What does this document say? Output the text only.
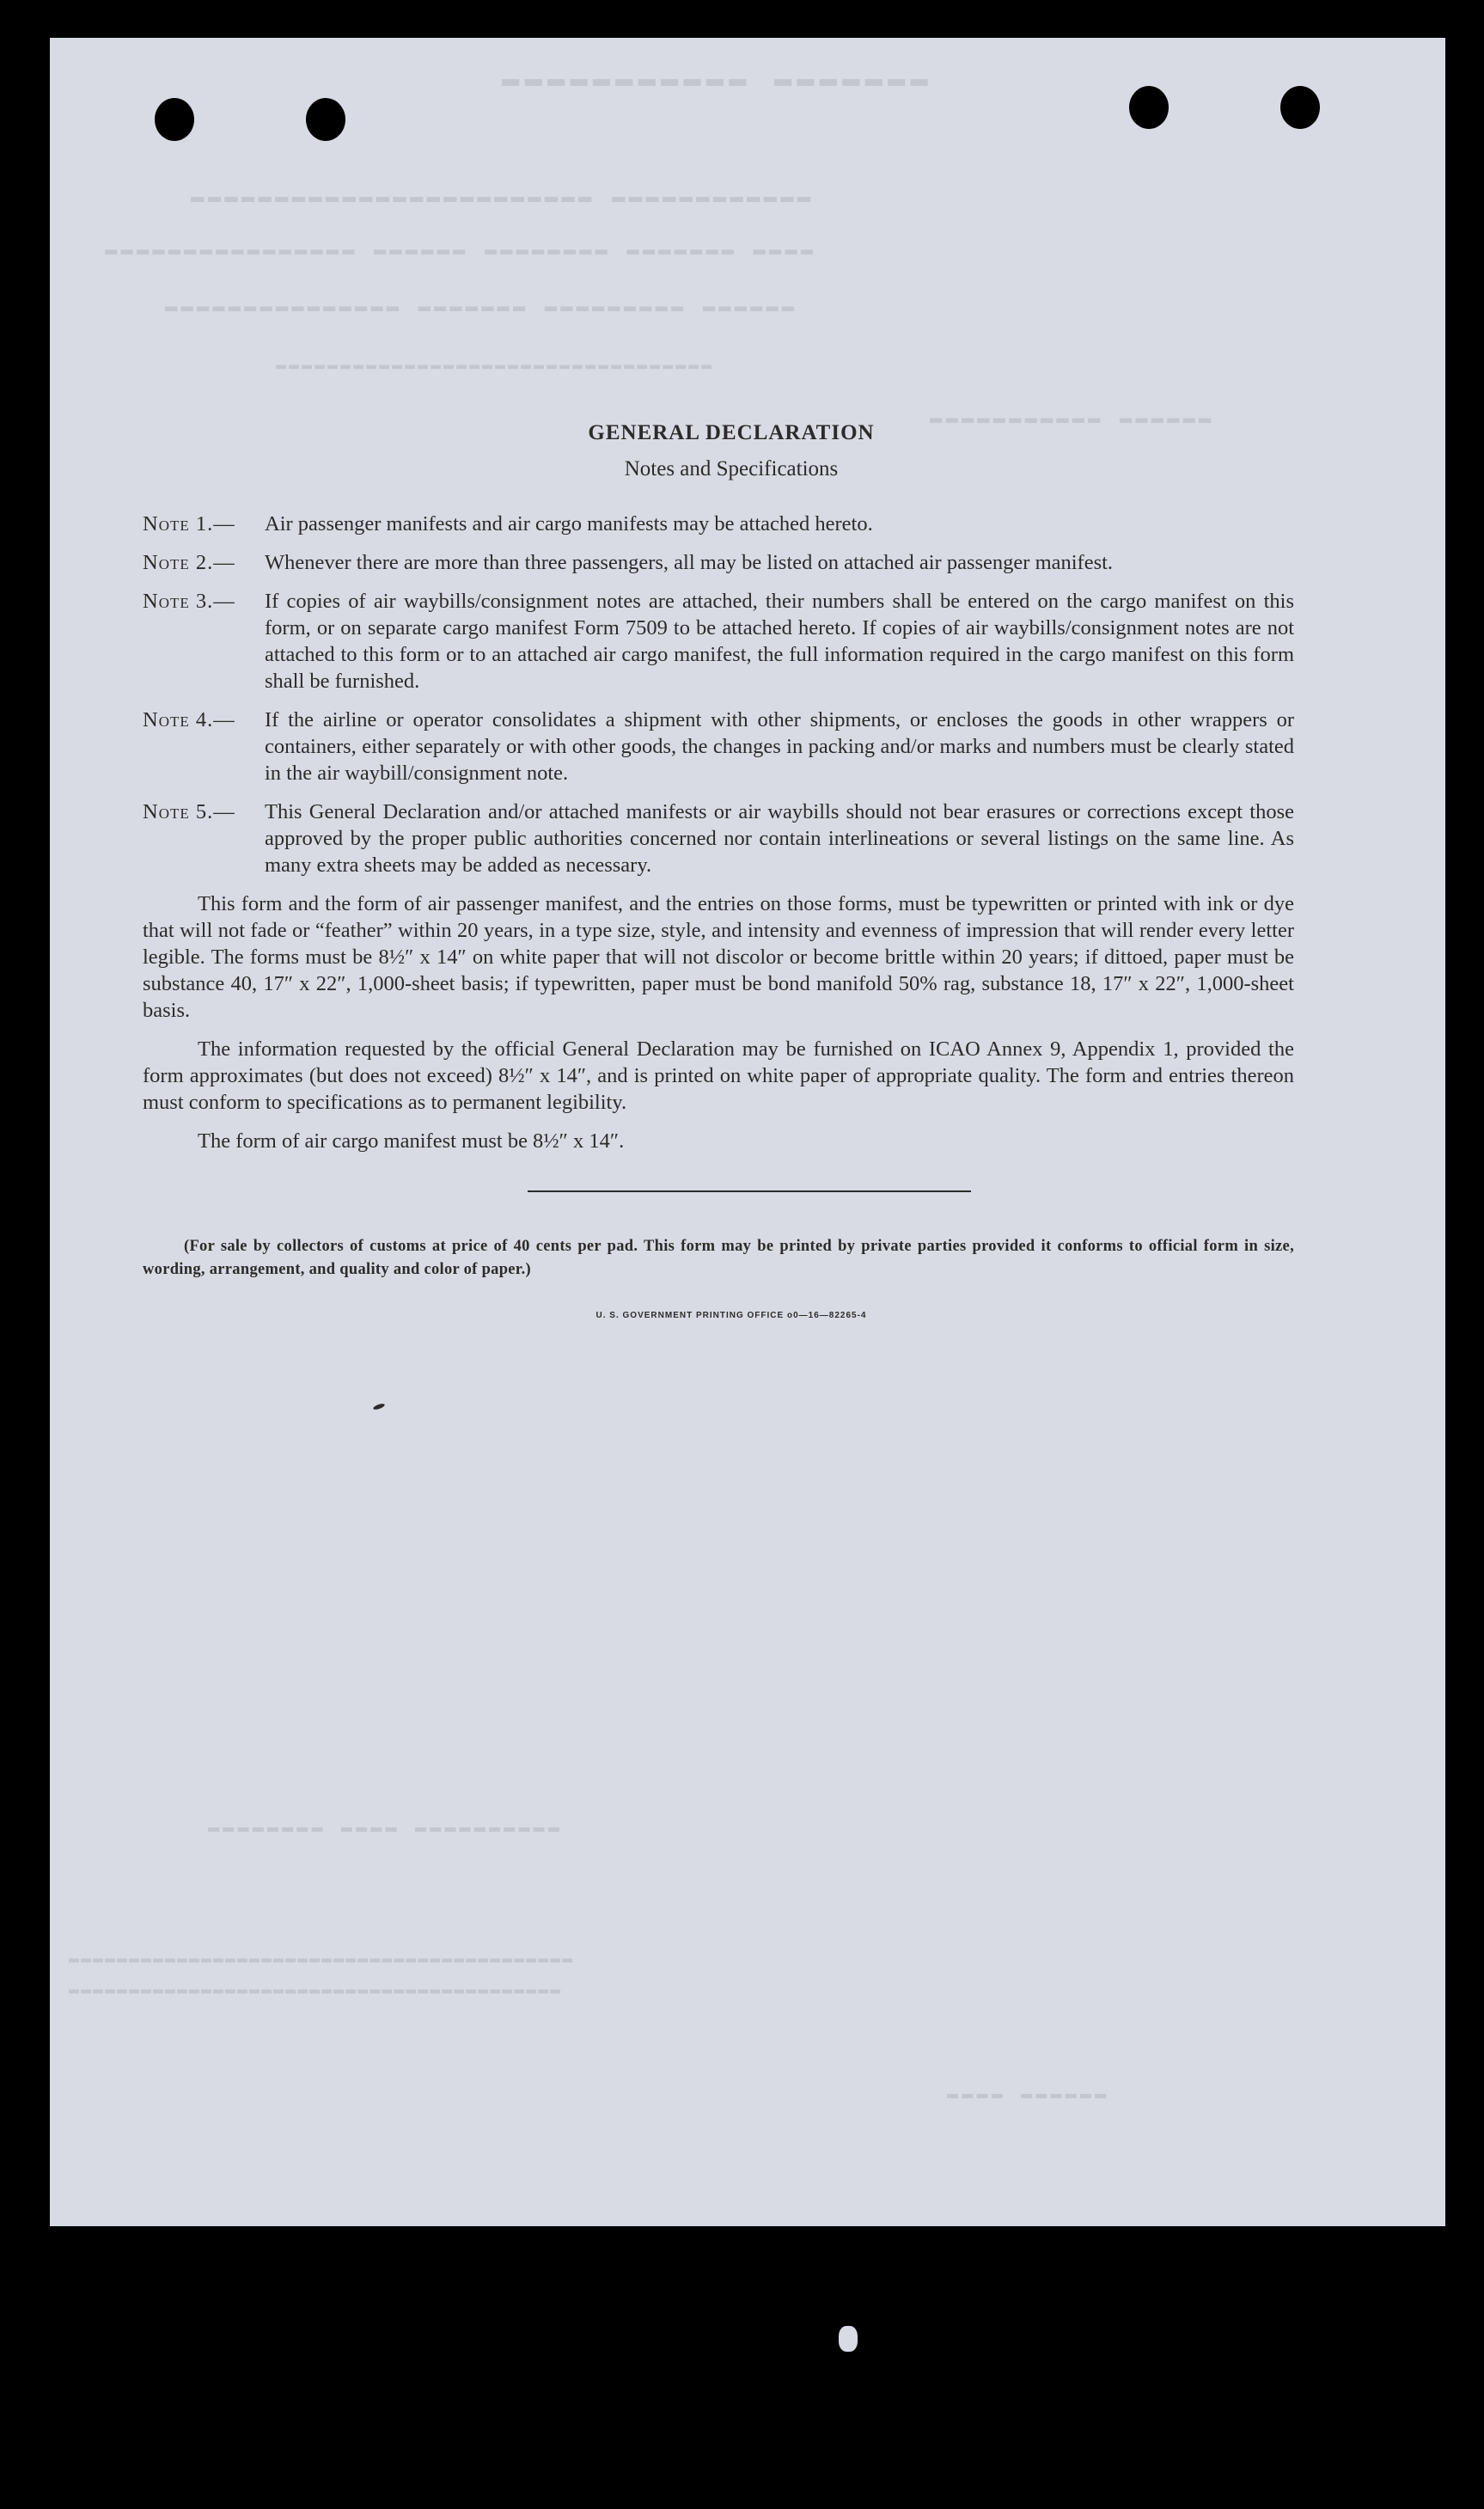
▬▬▬▬▬▬▬ ▬▬▬▬▬▬▬▬▬▬▬
▬▬▬▬▬▬▬▬▬▬▬▬ ▬▬▬▬▬▬▬▬▬▬▬▬▬▬▬▬▬▬▬▬▬▬▬▬
▬▬▬▬ ▬▬▬▬▬▬▬ ▬▬▬▬▬▬▬▬ ▬▬▬▬▬▬ ▬▬▬▬▬▬▬▬▬▬▬▬▬▬▬▬
▬▬▬▬▬▬ ▬▬▬▬▬▬▬▬▬ ▬▬▬▬▬▬▬ ▬▬▬▬▬▬▬▬▬▬▬▬▬▬▬
▬▬▬▬▬▬▬▬▬▬▬▬▬▬▬▬▬▬▬▬▬▬▬▬▬▬▬▬▬▬▬▬▬▬
▬▬▬▬▬▬ ▬▬▬▬▬▬▬▬▬▬▬
▬▬▬▬▬▬▬▬▬▬ ▬▬▬▬ ▬▬▬▬▬▬▬▬
▬▬▬▬▬▬▬▬▬▬▬▬▬▬▬▬▬▬▬▬▬▬▬▬▬▬▬▬▬▬▬▬▬▬▬▬▬▬▬▬▬▬
▬▬▬▬▬▬▬▬▬▬▬▬▬▬▬▬▬▬▬▬▬▬▬▬▬▬▬▬▬▬▬▬▬▬▬▬▬▬▬▬▬
▬▬▬▬▬▬ ▬▬▬▬
GENERAL DECLARATION
Notes and Specifications
Note 1.—	Air passenger manifests and air cargo manifests may be attached hereto.
Note 2.—	Whenever there are more than three passengers, all may be listed on attached air passenger manifest.
Note 3.—	If copies of air waybills/consignment notes are attached, their numbers shall be entered on the cargo manifest on this form, or on separate cargo manifest Form 7509 to be attached hereto. If copies of air waybills/consignment notes are not attached to this form or to an attached air cargo manifest, the full information required in the cargo manifest on this form shall be furnished.
Note 4.—	If the airline or operator consolidates a shipment with other shipments, or encloses the goods in other wrappers or containers, either separately or with other goods, the changes in packing and/or marks and numbers must be clearly stated in the air waybill/consignment note.
Note 5.—	This General Declaration and/or attached manifests or air waybills should not bear erasures or corrections except those approved by the proper public authorities concerned nor contain interlineations or several listings on the same line. As many extra sheets may be added as necessary.

This form and the form of air passenger manifest, and the entries on those forms, must be typewritten or printed with ink or dye that will not fade or “feather” within 20 years, in a type size, style, and intensity and evenness of impression that will render every letter legible. The forms must be 8½″ x 14″ on white paper that will not discolor or become brittle within 20 years; if dittoed, paper must be substance 40, 17″ x 22″, 1,000-sheet basis; if typewritten, paper must be bond manifold 50% rag, substance 18, 17″ x 22″, 1,000-sheet basis.

The information requested by the official General Declaration may be furnished on ICAO Annex 9, Appendix 1, provided the form approximates (but does not exceed) 8½″ x 14″, and is printed on white paper of appropriate quality. The form and entries thereon must conform to specifications as to permanent legibility.

The form of air cargo manifest must be 8½″ x 14″.

(For sale by collectors of customs at price of 40 cents per pad. This form may be printed by private parties provided it conforms to official form in size, wording, arrangement, and quality and color of paper.)

U. S. GOVERNMENT PRINTING OFFICE o0—16—82265-4
